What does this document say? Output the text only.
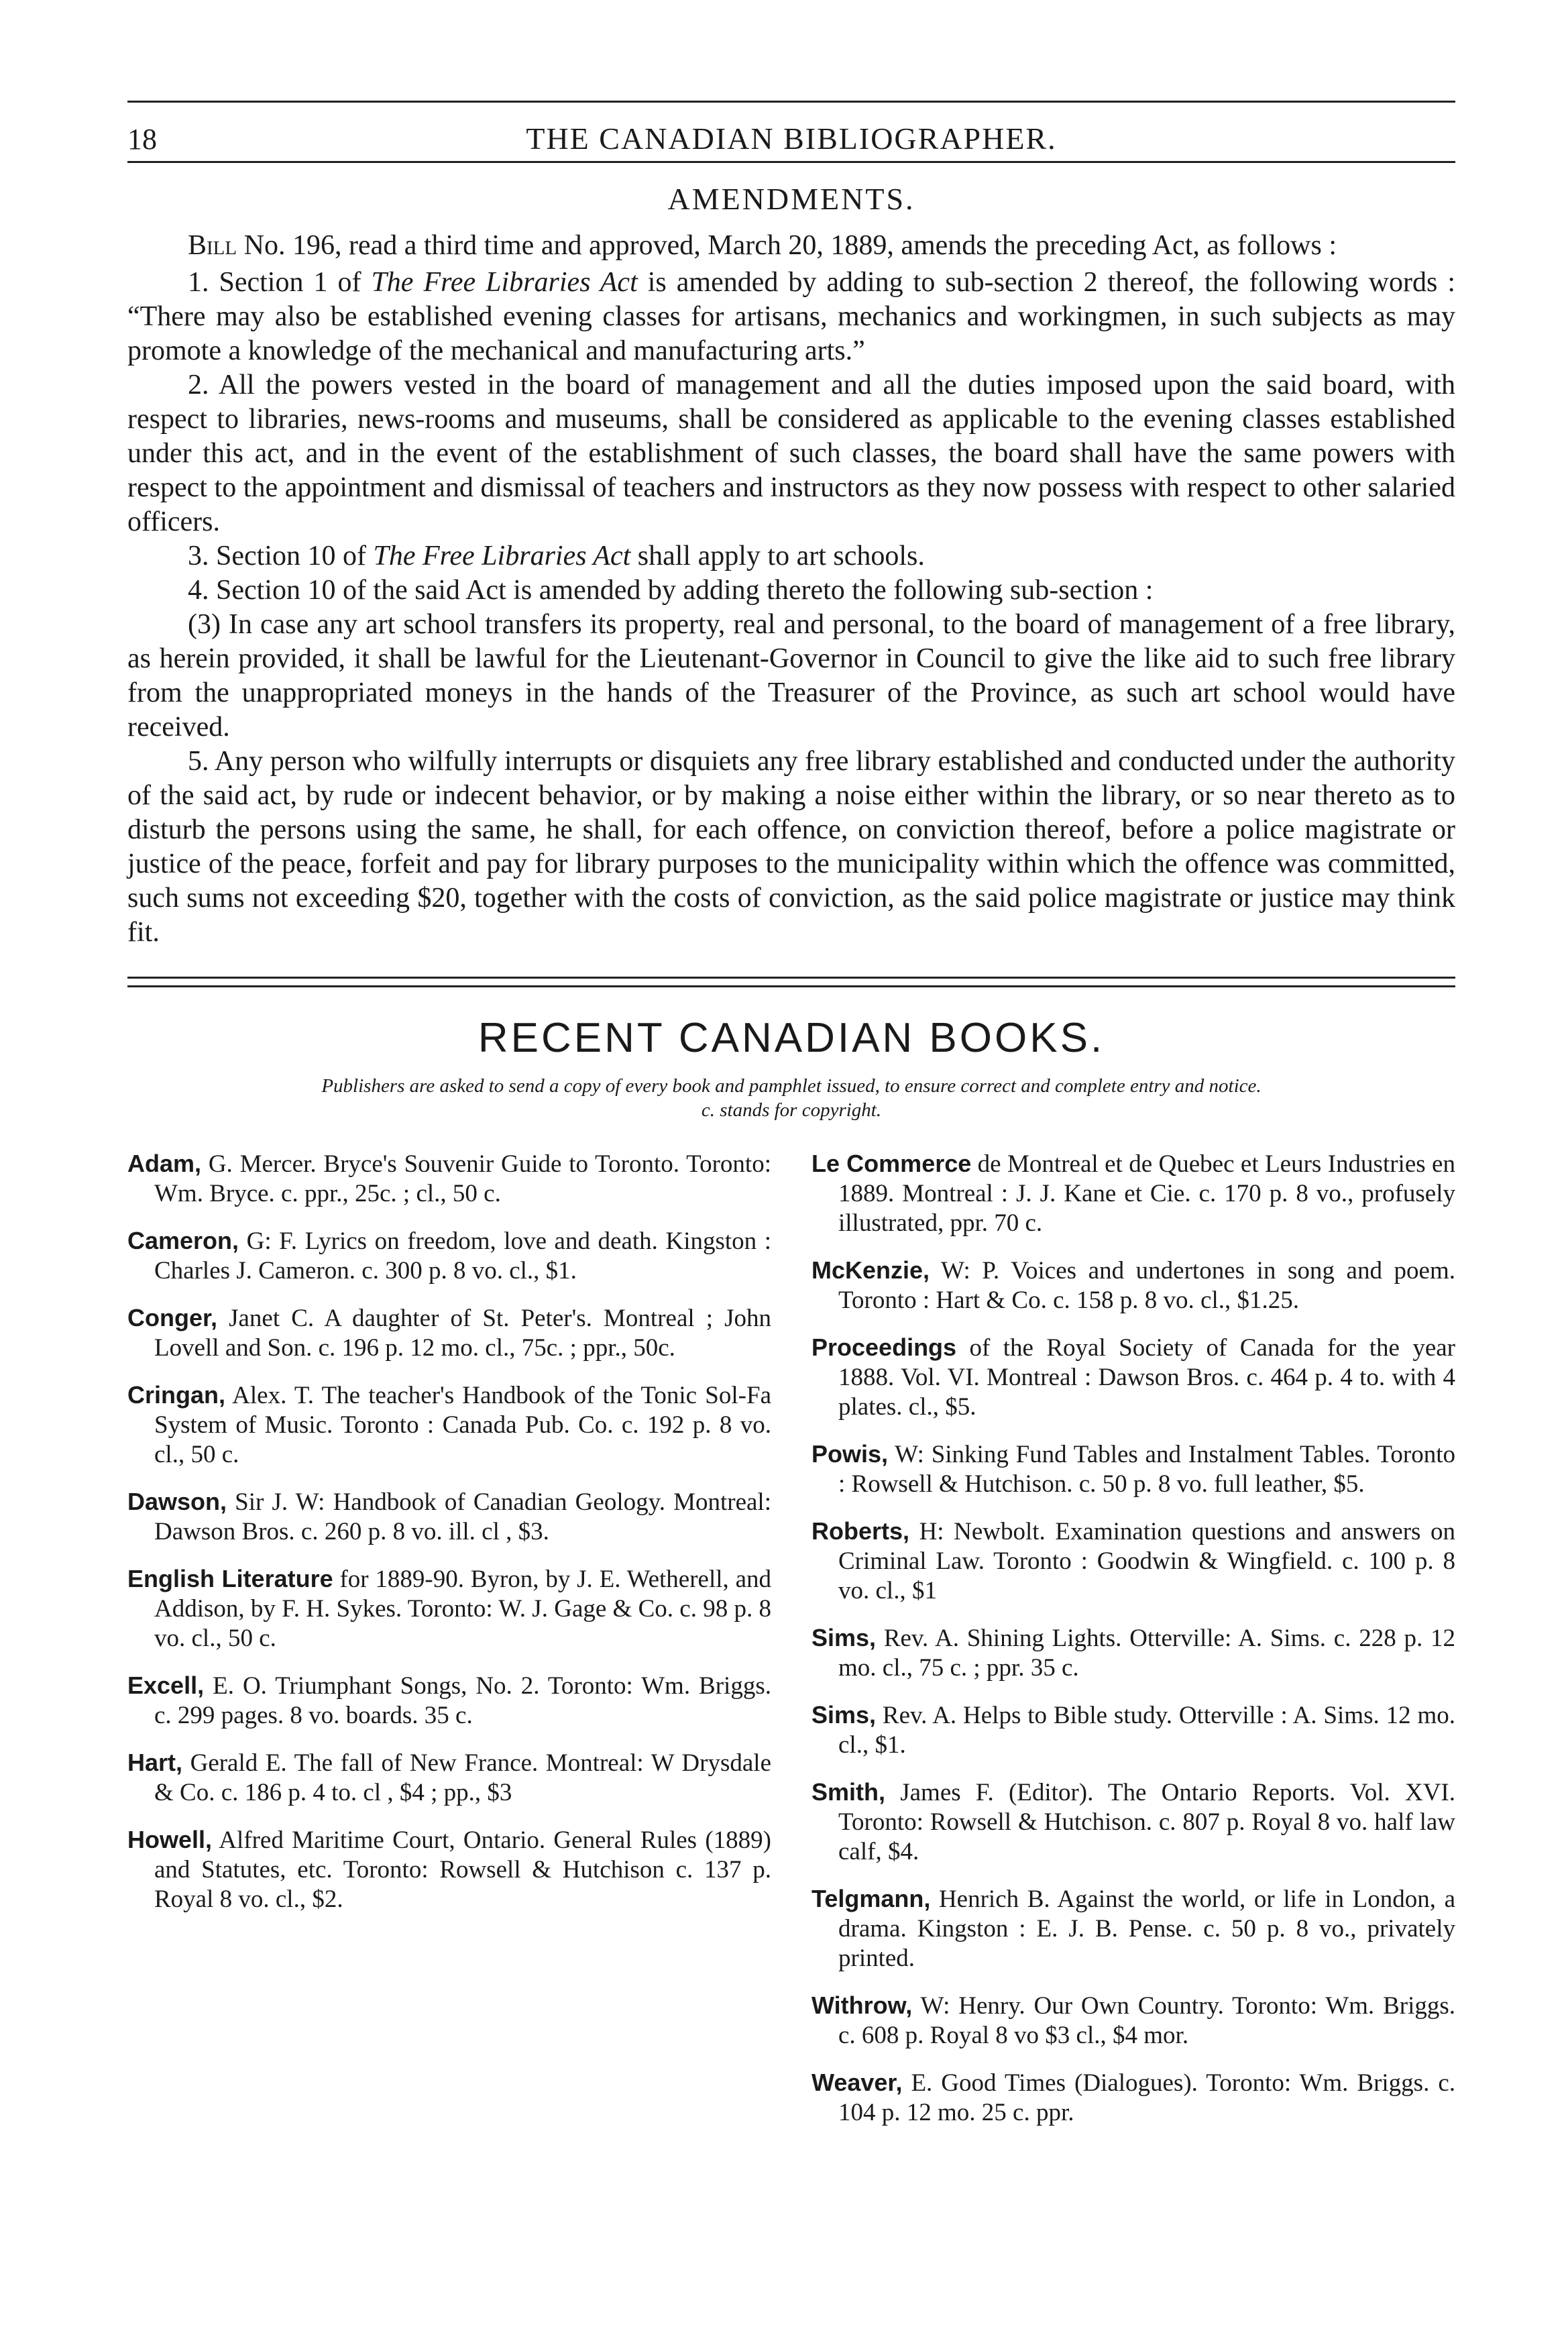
18	THE CANADIAN BIBLIOGRAPHER.
AMENDMENTS.

Bill No. 196, read a third time and approved, March 20, 1889, amends the preceding Act, as follows :

1. Section 1 of The Free Libraries Act is amended by adding to sub-section 2 thereof, the following words : “There may also be established evening classes for artisans, mechanics and workingmen, in such subjects as may promote a knowledge of the mechanical and manufacturing arts.”

2. All the powers vested in the board of management and all the duties imposed upon the said board, with respect to libraries, news-rooms and museums, shall be considered as applicable to the evening classes established under this act, and in the event of the establishment of such classes, the board shall have the same powers with respect to the appointment and dismissal of teachers and instructors as they now possess with respect to other salaried officers.

3. Section 10 of The Free Libraries Act shall apply to art schools.

4. Section 10 of the said Act is amended by adding thereto the following sub-section :

(3) In case any art school transfers its property, real and personal, to the board of management of a free library, as herein provided, it shall be lawful for the Lieutenant-Governor in Council to give the like aid to such free library from the unappropriated moneys in the hands of the Treasurer of the Province, as such art school would have received.

5. Any person who wilfully interrupts or disquiets any free library established and conducted under the authority of the said act, by rude or indecent behavior, or by making a noise either within the library, or so near thereto as to disturb the persons using the same, he shall, for each offence, on conviction thereof, before a police magistrate or justice of the peace, forfeit and pay for library purposes to the municipality within which the offence was committed, such sums not exceeding $20, together with the costs of conviction, as the said police magistrate or justice may think fit.

RECENT CANADIAN BOOKS.
Publishers are asked to send a copy of every book and pamphlet issued, to ensure correct and complete entry and notice.
c. stands for copyright.

Adam, G. Mercer. Bryce's Souvenir Guide to Toronto. Toronto: Wm. Bryce. c. ppr., 25c. ; cl., 50 c.

Cameron, G: F. Lyrics on freedom, love and death. Kingston : Charles J. Cameron. c. 300 p. 8 vo. cl., $1.

Conger, Janet C. A daughter of St. Peter's. Montreal ; John Lovell and Son. c. 196 p. 12 mo. cl., 75c. ; ppr., 50c.

Cringan, Alex. T. The teacher's Handbook of the Tonic Sol-Fa System of Music. Toronto : Canada Pub. Co. c. 192 p. 8 vo. cl., 50 c.

Dawson, Sir J. W: Handbook of Canadian Geology. Montreal: Dawson Bros. c. 260 p. 8 vo. ill. cl , $3.

English Literature for 1889-90. Byron, by J. E. Wetherell, and Addison, by F. H. Sykes. Toronto: W. J. Gage & Co. c. 98 p. 8 vo. cl., 50 c.

Excell, E. O. Triumphant Songs, No. 2. Toronto: Wm. Briggs. c. 299 pages. 8 vo. boards. 35 c.

Hart, Gerald E. The fall of New France. Montreal: W Drysdale & Co. c. 186 p. 4 to. cl , $4 ; pp., $3

Howell, Alfred Maritime Court, Ontario. General Rules (1889) and Statutes, etc. Toronto: Rowsell & Hutchison c. 137 p. Royal 8 vo. cl., $2.

Le Commerce de Montreal et de Quebec et Leurs Industries en 1889. Montreal : J. J. Kane et Cie. c. 170 p. 8 vo., profusely illustrated, ppr. 70 c.

McKenzie, W: P. Voices and undertones in song and poem. Toronto : Hart & Co. c. 158 p. 8 vo. cl., $1.25.

Proceedings of the Royal Society of Canada for the year 1888. Vol. VI. Montreal : Dawson Bros. c. 464 p. 4 to. with 4 plates. cl., $5.

Powis, W: Sinking Fund Tables and Instalment Tables. Toronto : Rowsell & Hutchison. c. 50 p. 8 vo. full leather, $5.

Roberts, H: Newbolt. Examination questions and answers on Criminal Law. Toronto : Goodwin & Wingfield. c. 100 p. 8 vo. cl., $1

Sims, Rev. A. Shining Lights. Otterville: A. Sims. c. 228 p. 12 mo. cl., 75 c. ; ppr. 35 c.

Sims, Rev. A. Helps to Bible study. Otterville : A. Sims. 12 mo. cl., $1.

Smith, James F. (Editor). The Ontario Reports. Vol. XVI. Toronto: Rowsell & Hutchison. c. 807 p. Royal 8 vo. half law calf, $4.

Telgmann, Henrich B. Against the world, or life in London, a drama. Kingston : E. J. B. Pense. c. 50 p. 8 vo., privately printed.

Withrow, W: Henry. Our Own Country. Toronto: Wm. Briggs. c. 608 p. Royal 8 vo $3 cl., $4 mor.

Weaver, E. Good Times (Dialogues). Toronto: Wm. Briggs. c. 104 p. 12 mo. 25 c. ppr.
